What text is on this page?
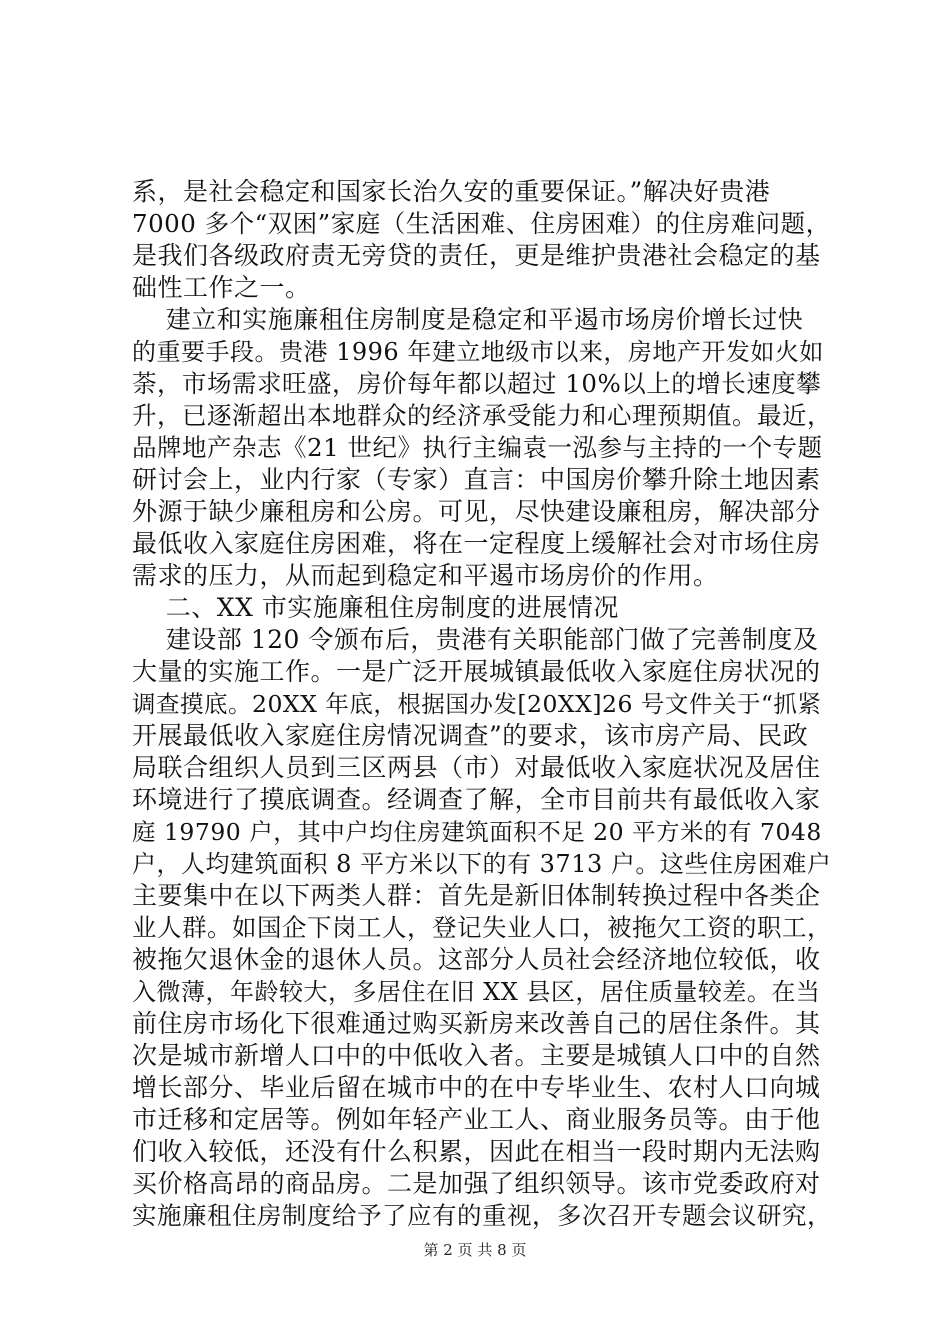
系，是社会稳定和国家长治久安的重要保证。”解决好贵港
7000 多个“双困”家庭（生活困难、住房困难）的住房难问题，
是我们各级政府责无旁贷的责任，更是维护贵港社会稳定的基
础性工作之一。
建立和实施廉租住房制度是稳定和平遏市场房价增长过快
的重要手段。贵港 1996 年建立地级市以来，房地产开发如火如
荼，市场需求旺盛，房价每年都以超过 10%以上的增长速度攀
升，已逐渐超出本地群众的经济承受能力和心理预期值。最近，
品牌地产杂志《21 世纪》执行主编袁一泓参与主持的一个专题
研讨会上，业内行家（专家）直言：中国房价攀升除土地因素
外源于缺少廉租房和公房。可见，尽快建设廉租房，解决部分
最低收入家庭住房困难，将在一定程度上缓解社会对市场住房
需求的压力，从而起到稳定和平遏市场房价的作用。
二、XX 市实施廉租住房制度的进展情况
建设部 120 令颁布后，贵港有关职能部门做了完善制度及
大量的实施工作。一是广泛开展城镇最低收入家庭住房状况的
调查摸底。20XX 年底，根据国办发[20XX]26 号文件关于“抓紧
开展最低收入家庭住房情况调查”的要求，该市房产局、民政
局联合组织人员到三区两县（市）对最低收入家庭状况及居住
环境进行了摸底调查。经调查了解，全市目前共有最低收入家
庭 19790 户，其中户均住房建筑面积不足 20 平方米的有 7048
户，人均建筑面积 8 平方米以下的有 3713 户。这些住房困难户
主要集中在以下两类人群：首先是新旧体制转换过程中各类企
业人群。如国企下岗工人，登记失业人口，被拖欠工资的职工，
被拖欠退休金的退休人员。这部分人员社会经济地位较低，收
入微薄，年龄较大，多居住在旧 XX 县区，居住质量较差。在当
前住房市场化下很难通过购买新房来改善自己的居住条件。其
次是城市新增人口中的中低收入者。主要是城镇人口中的自然
增长部分、毕业后留在城市中的在中专毕业生、农村人口向城
市迁移和定居等。例如年轻产业工人、商业服务员等。由于他
们收入较低，还没有什么积累，因此在相当一段时期内无法购
买价格高昂的商品房。二是加强了组织领导。该市党委政府对
实施廉租住房制度给予了应有的重视，多次召开专题会议研究，
第 2 页 共 8 页
